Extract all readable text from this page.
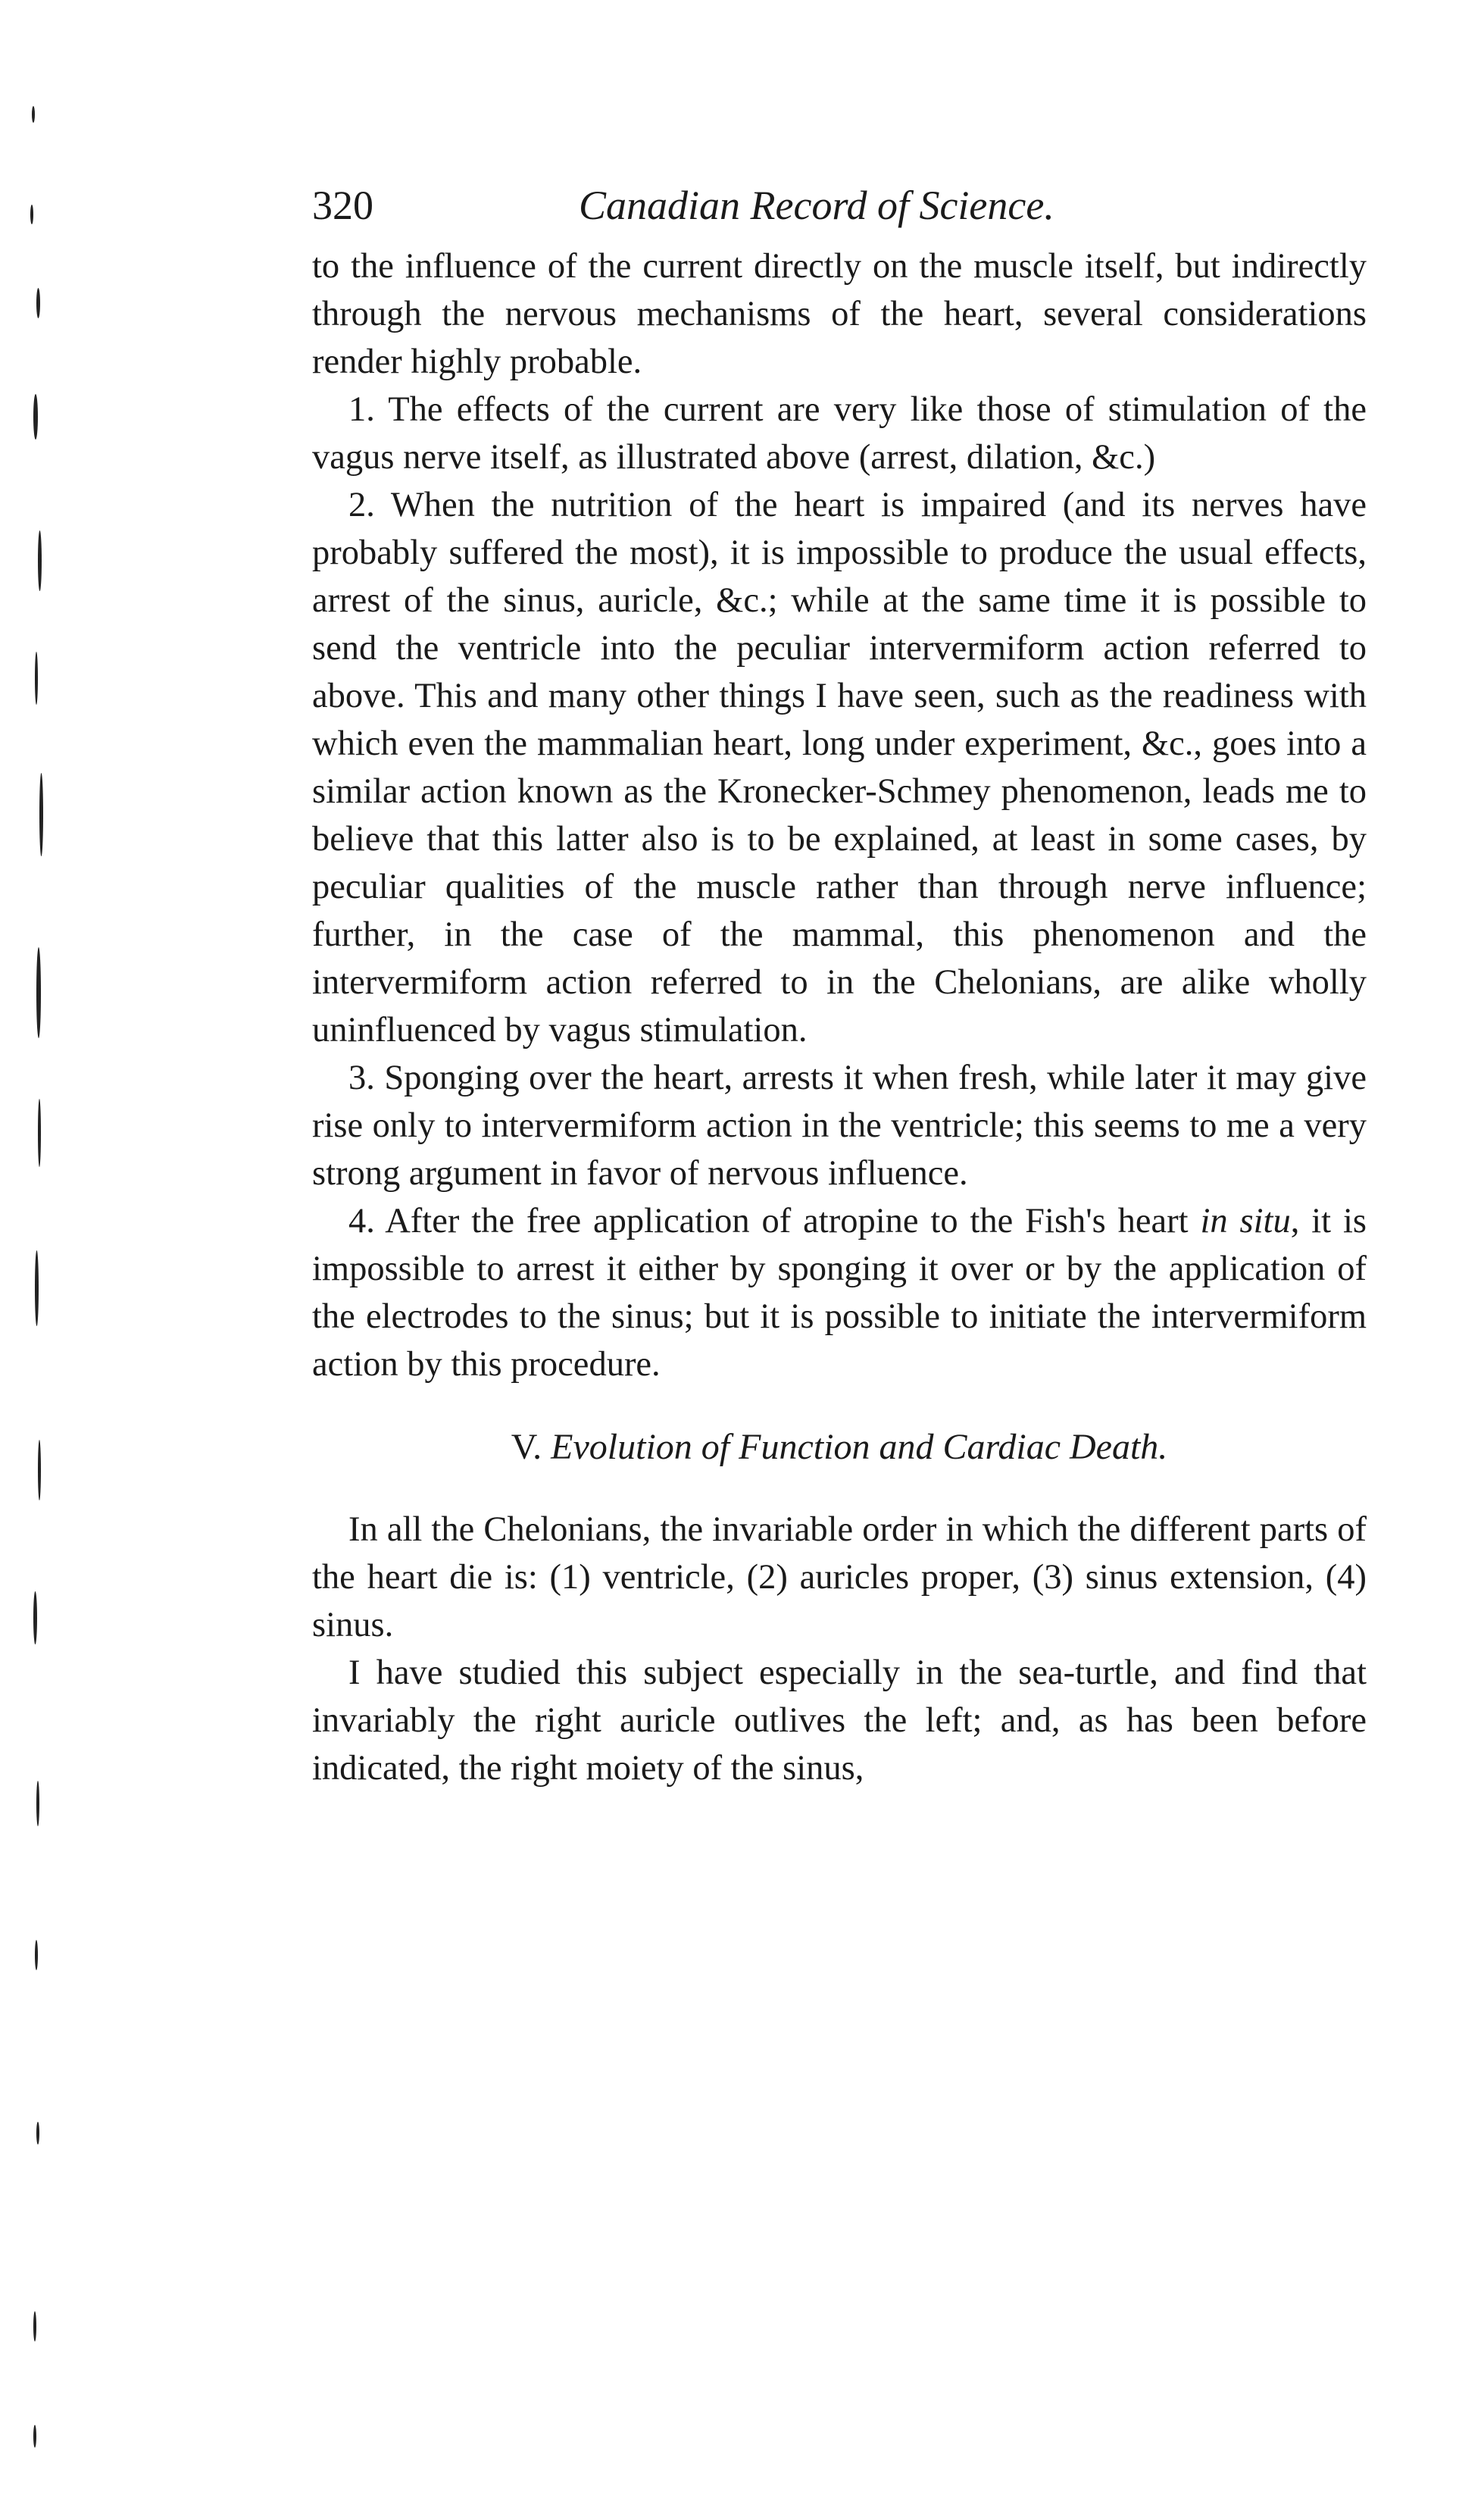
320	Canadian Record of Science.

to the influence of the current directly on the muscle itself, but indirectly through the nervous mechanisms of the heart, several considerations render highly probable.

1. The effects of the current are very like those of stimulation of the vagus nerve itself, as illustrated above (arrest, dilation, &c.)

2. When the nutrition of the heart is impaired (and its nerves have probably suffered the most), it is impossible to produce the usual effects, arrest of the sinus, auricle, &c.; while at the same time it is possible to send the ventricle into the peculiar intervermiform action referred to above. This and many other things I have seen, such as the readiness with which even the mammalian heart, long under experiment, &c., goes into a similar action known as the Kronecker-Schmey phenomenon, leads me to believe that this latter also is to be explained, at least in some cases, by peculiar qualities of the muscle rather than through nerve influence; further, in the case of the mammal, this phenomenon and the intervermiform action referred to in the Chelonians, are alike wholly uninfluenced by vagus stimulation.

3. Sponging over the heart, arrests it when fresh, while later it may give rise only to intervermiform action in the ventricle; this seems to me a very strong argument in favor of nervous influence.

4. After the free application of atropine to the Fish's heart in situ, it is impossible to arrest it either by sponging it over or by the application of the electrodes to the sinus; but it is possible to initiate the intervermiform action by this procedure.

V. Evolution of Function and Cardiac Death.

In all the Chelonians, the invariable order in which the different parts of the heart die is: (1) ventricle, (2) auricles proper, (3) sinus extension, (4) sinus.

I have studied this subject especially in the sea-turtle, and find that invariably the right auricle outlives the left; and, as has been before indicated, the right moiety of the sinus,
